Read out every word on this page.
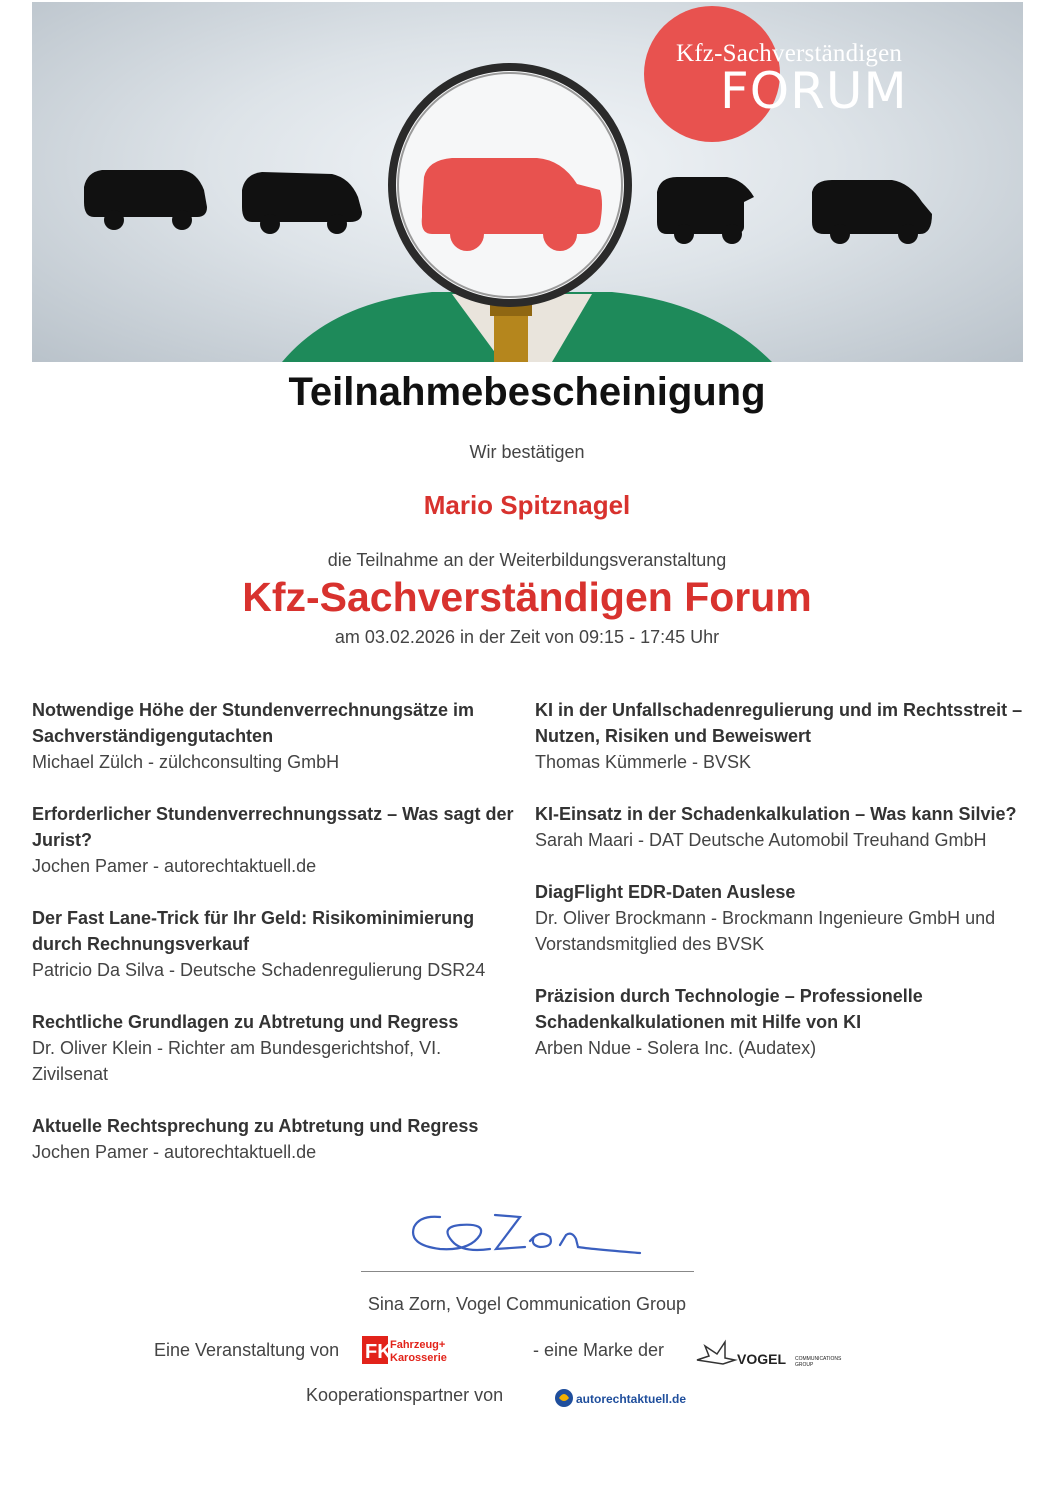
Kfz-Sachverständigen
FORUM
Teilnahmebescheinigung
Wir bestätigen
Mario Spitznagel
die Teilnahme an der Weiterbildungsveranstaltung
Kfz-Sachverständigen Forum
am 03.02.2026 in der Zeit von 09:15 - 17:45 Uhr
Notwendige Höhe der Stundenverrechnungsätze im Sachverständigengutachten
Michael Zülch - zülchconsulting GmbH
Erforderlicher Stundenverrechnungssatz – Was sagt der Jurist?
Jochen Pamer - autorechtaktuell.de
Der Fast Lane-Trick für Ihr Geld: Risikominimierung durch Rechnungsverkauf
Patricio Da Silva - Deutsche Schadenregulierung DSR24
Rechtliche Grundlagen zu Abtretung und Regress
Dr. Oliver Klein - Richter am Bundesgerichtshof, VI. Zivilsenat
Aktuelle Rechtsprechung zu Abtretung und Regress
Jochen Pamer - autorechtaktuell.de
KI in der Unfallschadenregulierung und im Rechtsstreit – Nutzen, Risiken und Beweiswert
Thomas Kümmerle - BVSK
KI-Einsatz in der Schadenkalkulation – Was kann Silvie?
Sarah Maari - DAT Deutsche Automobil Treuhand GmbH
DiagFlight EDR-Daten Auslese
Dr. Oliver Brockmann - Brockmann Ingenieure GmbH und Vorstandsmitglied des BVSK
Präzision durch Technologie – Professionelle Schadenkalkulationen mit Hilfe von KI
Arben Ndue - Solera Inc. (Audatex)
Sina Zorn, Vogel Communication Group
Eine Veranstaltung von FK
Fahrzeug+
Karosserie	- eine Marke der	VOGEL COMMUNICATIONS
GROUP
Kooperationspartner von	autorechtaktuell.de
